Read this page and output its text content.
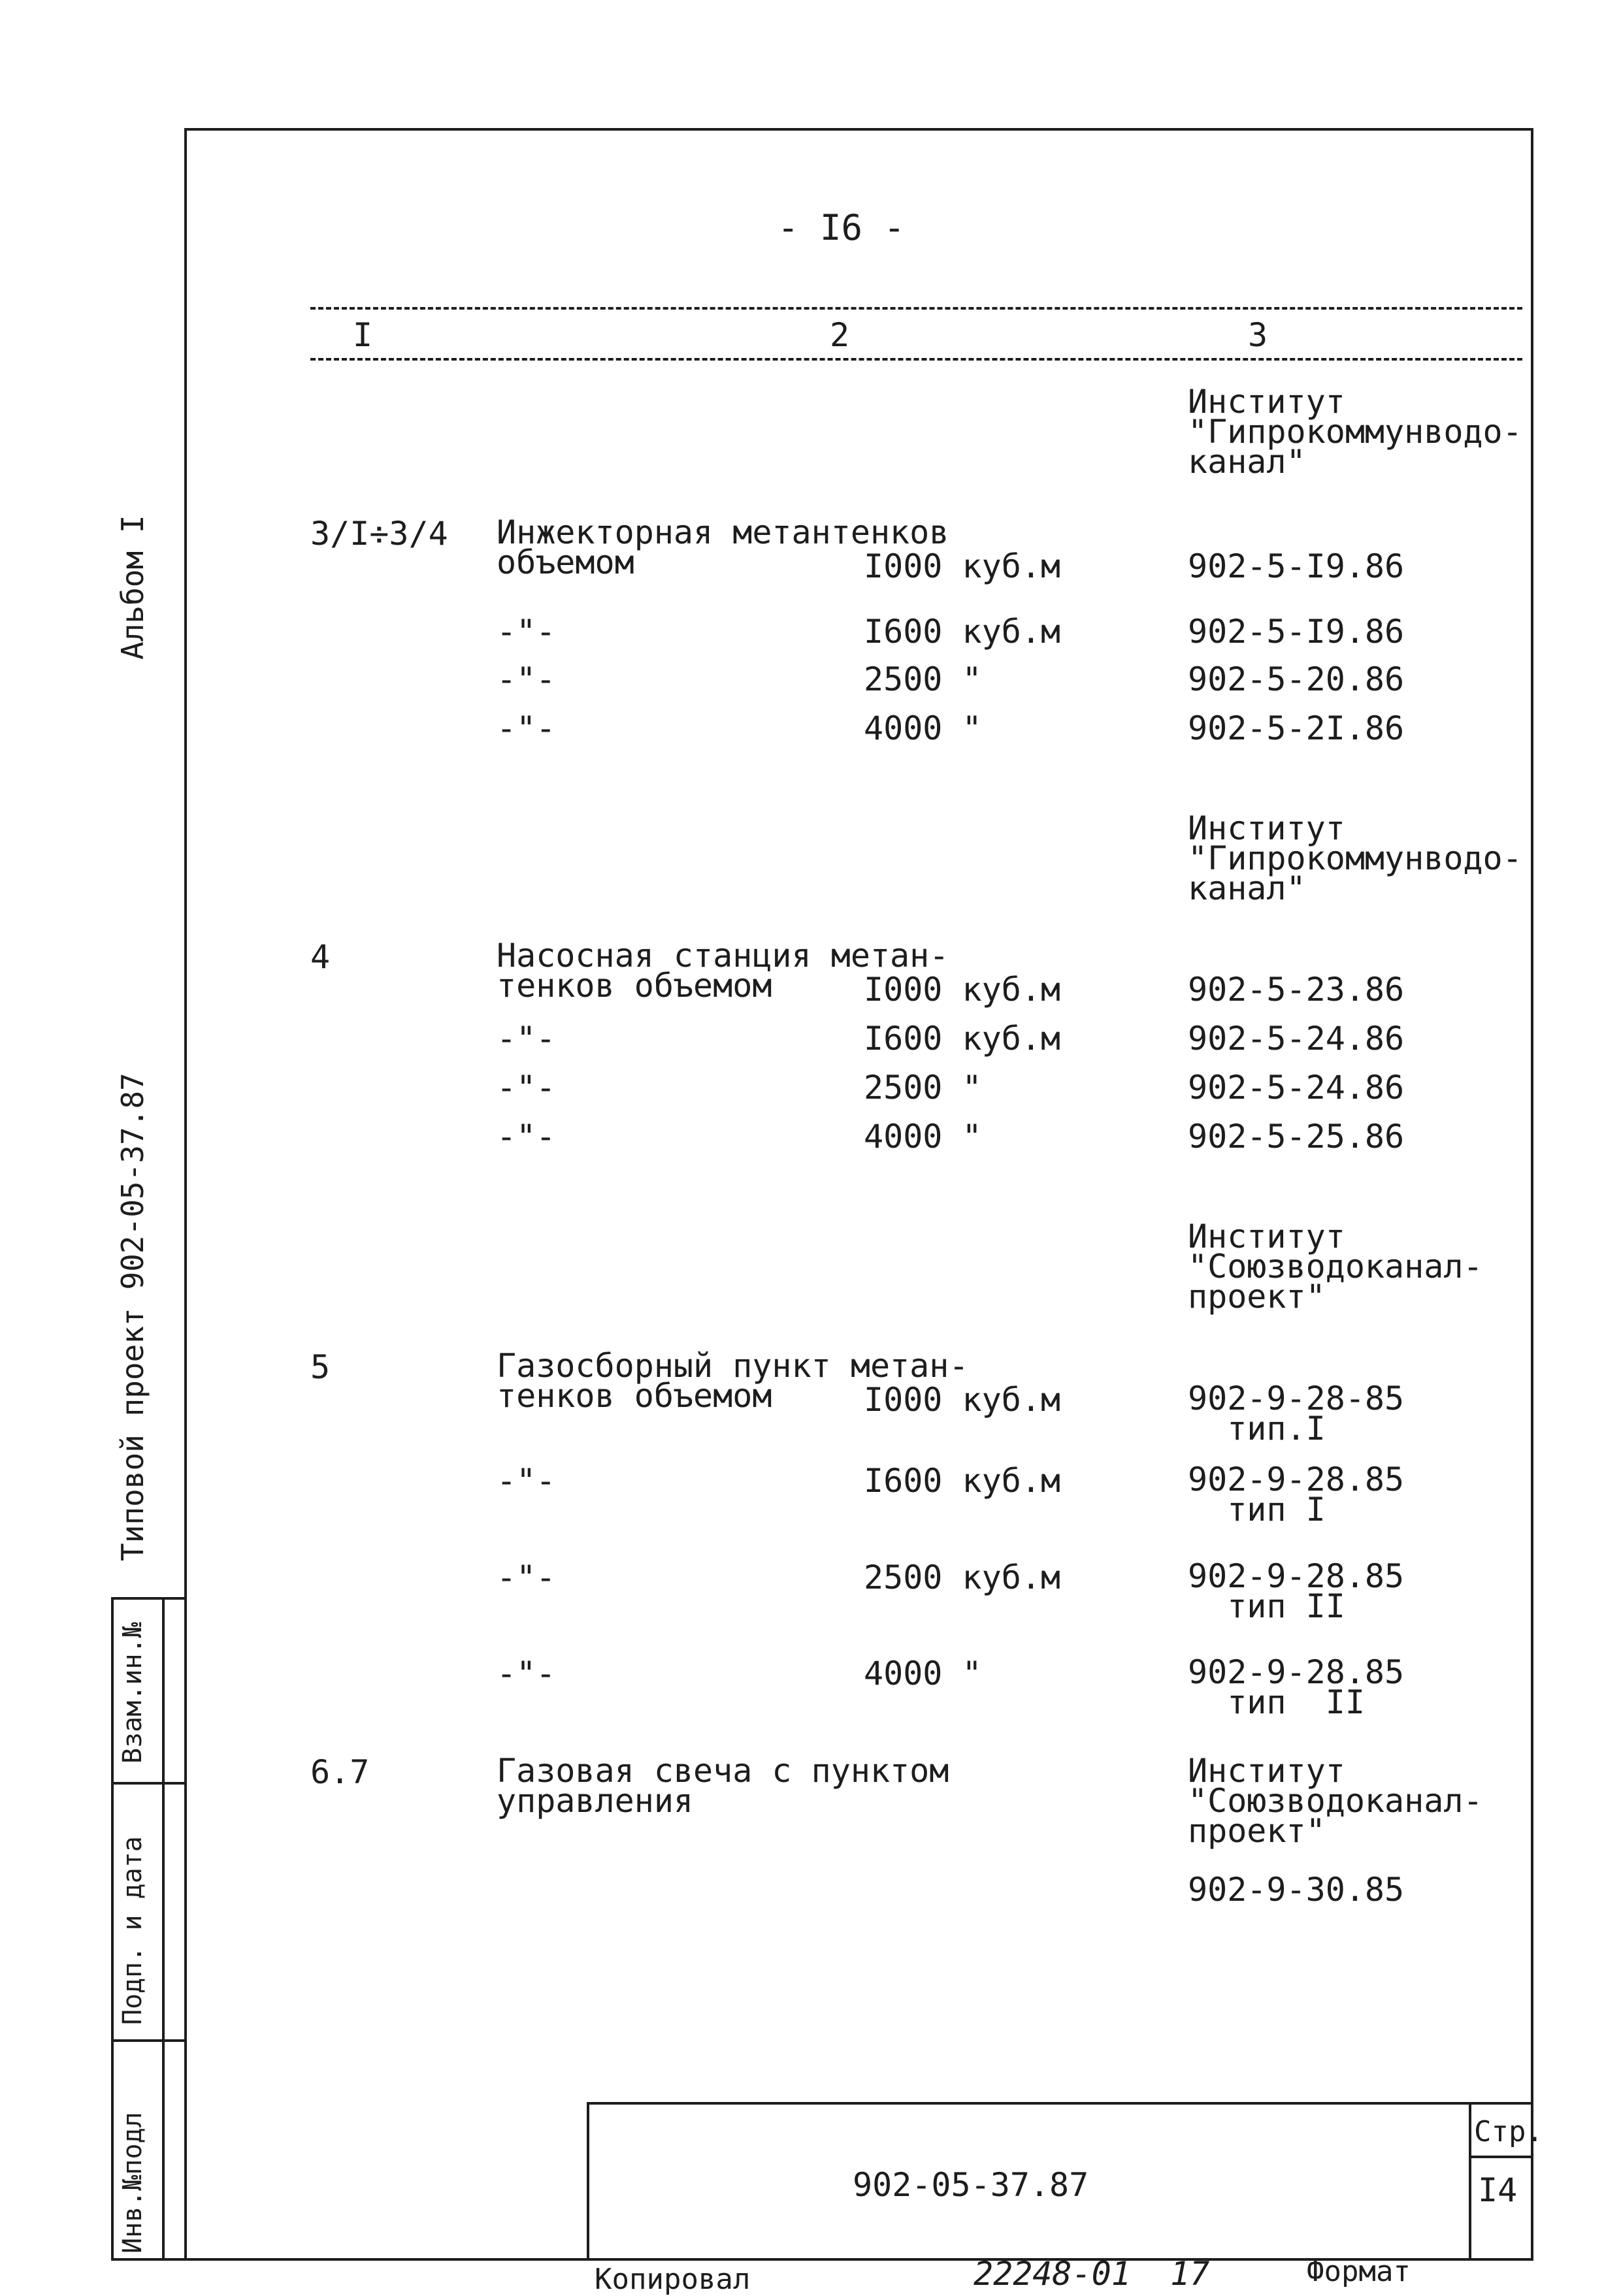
Альбом I
Типовой проект 902-05-37.87
Взам.ин.№
Подп. и дата
Инв.№подл
- I6 -
I	2	3
Институт
"Гипрокоммунводо-
канал"
3/I÷3/4 Инжекторная метантенков
объемом	I000 куб.м	902-5-I9.86
-"-	I600 куб.м	902-5-I9.86
-"-	2500 "	902-5-20.86
-"-	4000 "	902-5-2I.86
Институт
"Гипрокоммунводо-
канал"
4	Насосная станция метан-
тенков объемом	I000 куб.м	902-5-23.86
-"-	I600 куб.м	902-5-24.86
-"-	2500 "	902-5-24.86
-"-	4000 "	902-5-25.86
Институт
"Союзводоканал-
проект"
5	Газосборный пункт метан-
тенков объемом	I000 куб.м	902-9-28-85
тип.I
-"-	I600 куб.м	902-9-28.85
тип I
-"-	2500 куб.м	902-9-28.85
тип II
-"-	4000 "	902-9-28.85
тип  II
6.7	Газовая свеча с пунктом
управления
Институт
"Союзводоканал-
проект"
902-9-30.85
902-05-37.87
Стр.
I4
Копировал	22248-01  17	Формат
